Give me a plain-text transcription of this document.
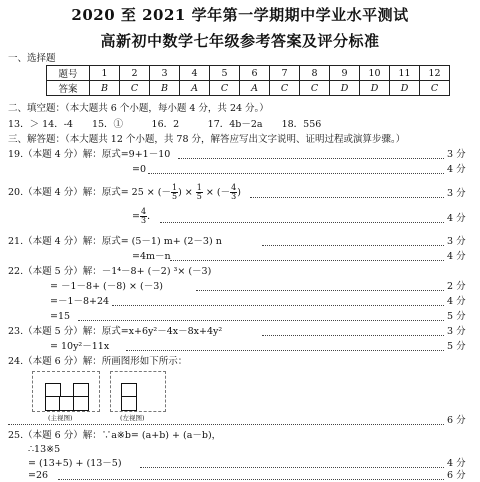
2020 至 2021 学年第一学期期中学业水平测试
高新初中数学七年级参考答案及评分标准
一、选择题
题号	1	2	3	4	5	6	7	8	9	10	11	12
答案	B	C	B	A	C	A	C	C	D	D	D	C
二、填空题：（本大题共 6 个小题，每小题 4 分，共 24 分。）
13．＞ 14．-4　　15．①　　　16．2　　　17．4b－2a　　18．556
三、解答题：（本大题共 12 个小题，共 78 分，解答应写出文字说明、证明过程或演算步骤。）
19.（本题 4 分）解：原式=9+1－10	3 分
=0	4 分
20.（本题 4 分）解：原式= 25 × (－ $\frac{1}{5}$ ) × $\frac{1}{5}$ × (－ $\frac{4}{3}$ )	3 分
= $\frac{4}{3}$ ．	4 分
21.（本题 4 分）解：原式= (5－1) m+ (2－3) n	3 分
=4m－n	4 分
22.（本题 5 分）解：－1⁴－8+ (－2) ³× (－3)
= －1－8+ (－8) × (－3)	2 分
=－1－8+24	4 分
=15	5 分
23.（本题 5 分）解：原式=x+6y²－4x－8x+4y²	3 分
= 10y²－11x	5 分
24.（本题 6 分）解：所画图形如下所示：
(主视图)	(左视图)	6 分
25.（本题 6 分）解：∵a※b= (a+b) + (a－b)，
∴13※5
= (13+5) + (13－5)	4 分
=26	6 分
